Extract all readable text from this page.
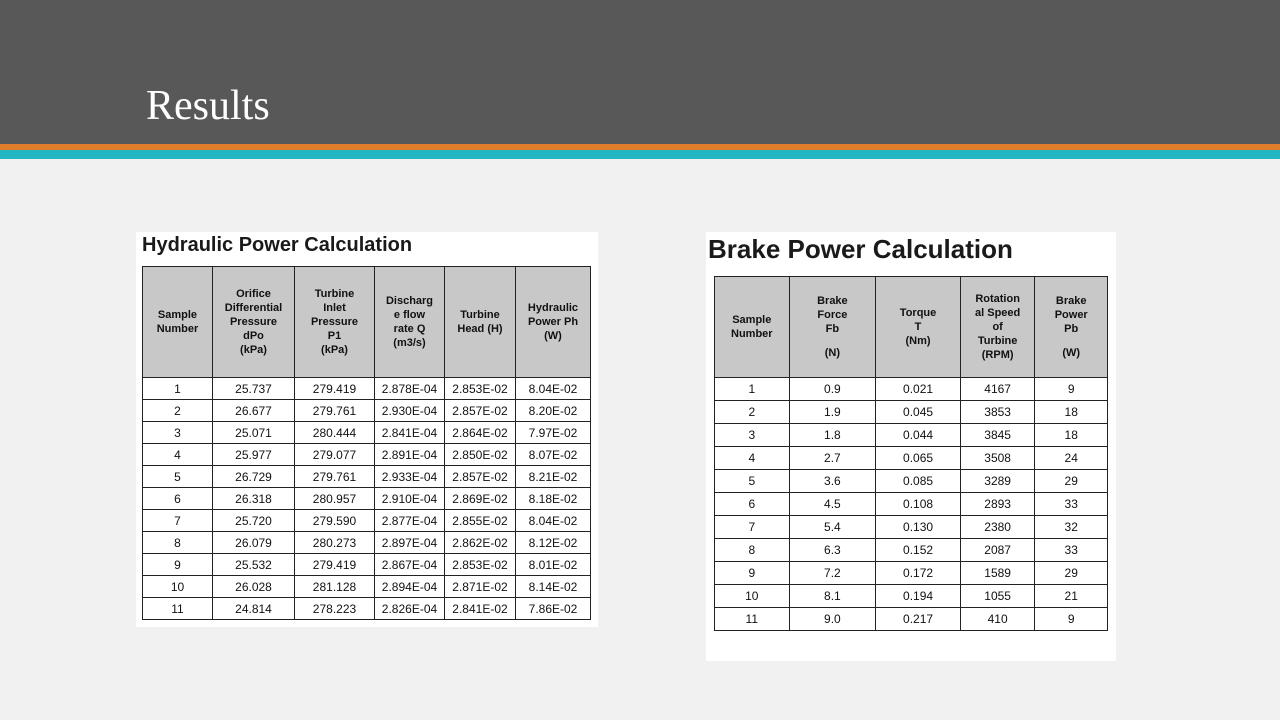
Results
Hydraulic Power Calculation
Sample
Number	Orifice
Differential
Pressure
dPo
(kPa)	Turbine
Inlet
Pressure
P1
(kPa)	Discharg
e flow
rate Q
(m3/s)	Turbine
Head (H)	Hydraulic
Power Ph
(W)

1	25.737	279.419	2.878E-04	2.853E-02	8.04E-02
2	26.677	279.761	2.930E-04	2.857E-02	8.20E-02
3	25.071	280.444	2.841E-04	2.864E-02	7.97E-02
4	25.977	279.077	2.891E-04	2.850E-02	8.07E-02
5	26.729	279.761	2.933E-04	2.857E-02	8.21E-02
6	26.318	280.957	2.910E-04	2.869E-02	8.18E-02
7	25.720	279.590	2.877E-04	2.855E-02	8.04E-02
8	26.079	280.273	2.897E-04	2.862E-02	8.12E-02
9	25.532	279.419	2.867E-04	2.853E-02	8.01E-02
10	26.028	281.128	2.894E-04	2.871E-02	8.14E-02
11	24.814	278.223	2.826E-04	2.841E-02	7.86E-02
Brake Power Calculation
Sample
Number	Brake
Force
Fb
(N)	Torque
T
(Nm)	Rotation
al Speed
of
Turbine
(RPM)	Brake
Power
Pb
(W)

1	0.9	0.021	4167	9
2	1.9	0.045	3853	18
3	1.8	0.044	3845	18
4	2.7	0.065	3508	24
5	3.6	0.085	3289	29
6	4.5	0.108	2893	33
7	5.4	0.130	2380	32
8	6.3	0.152	2087	33
9	7.2	0.172	1589	29
10	8.1	0.194	1055	21
11	9.0	0.217	410	9
